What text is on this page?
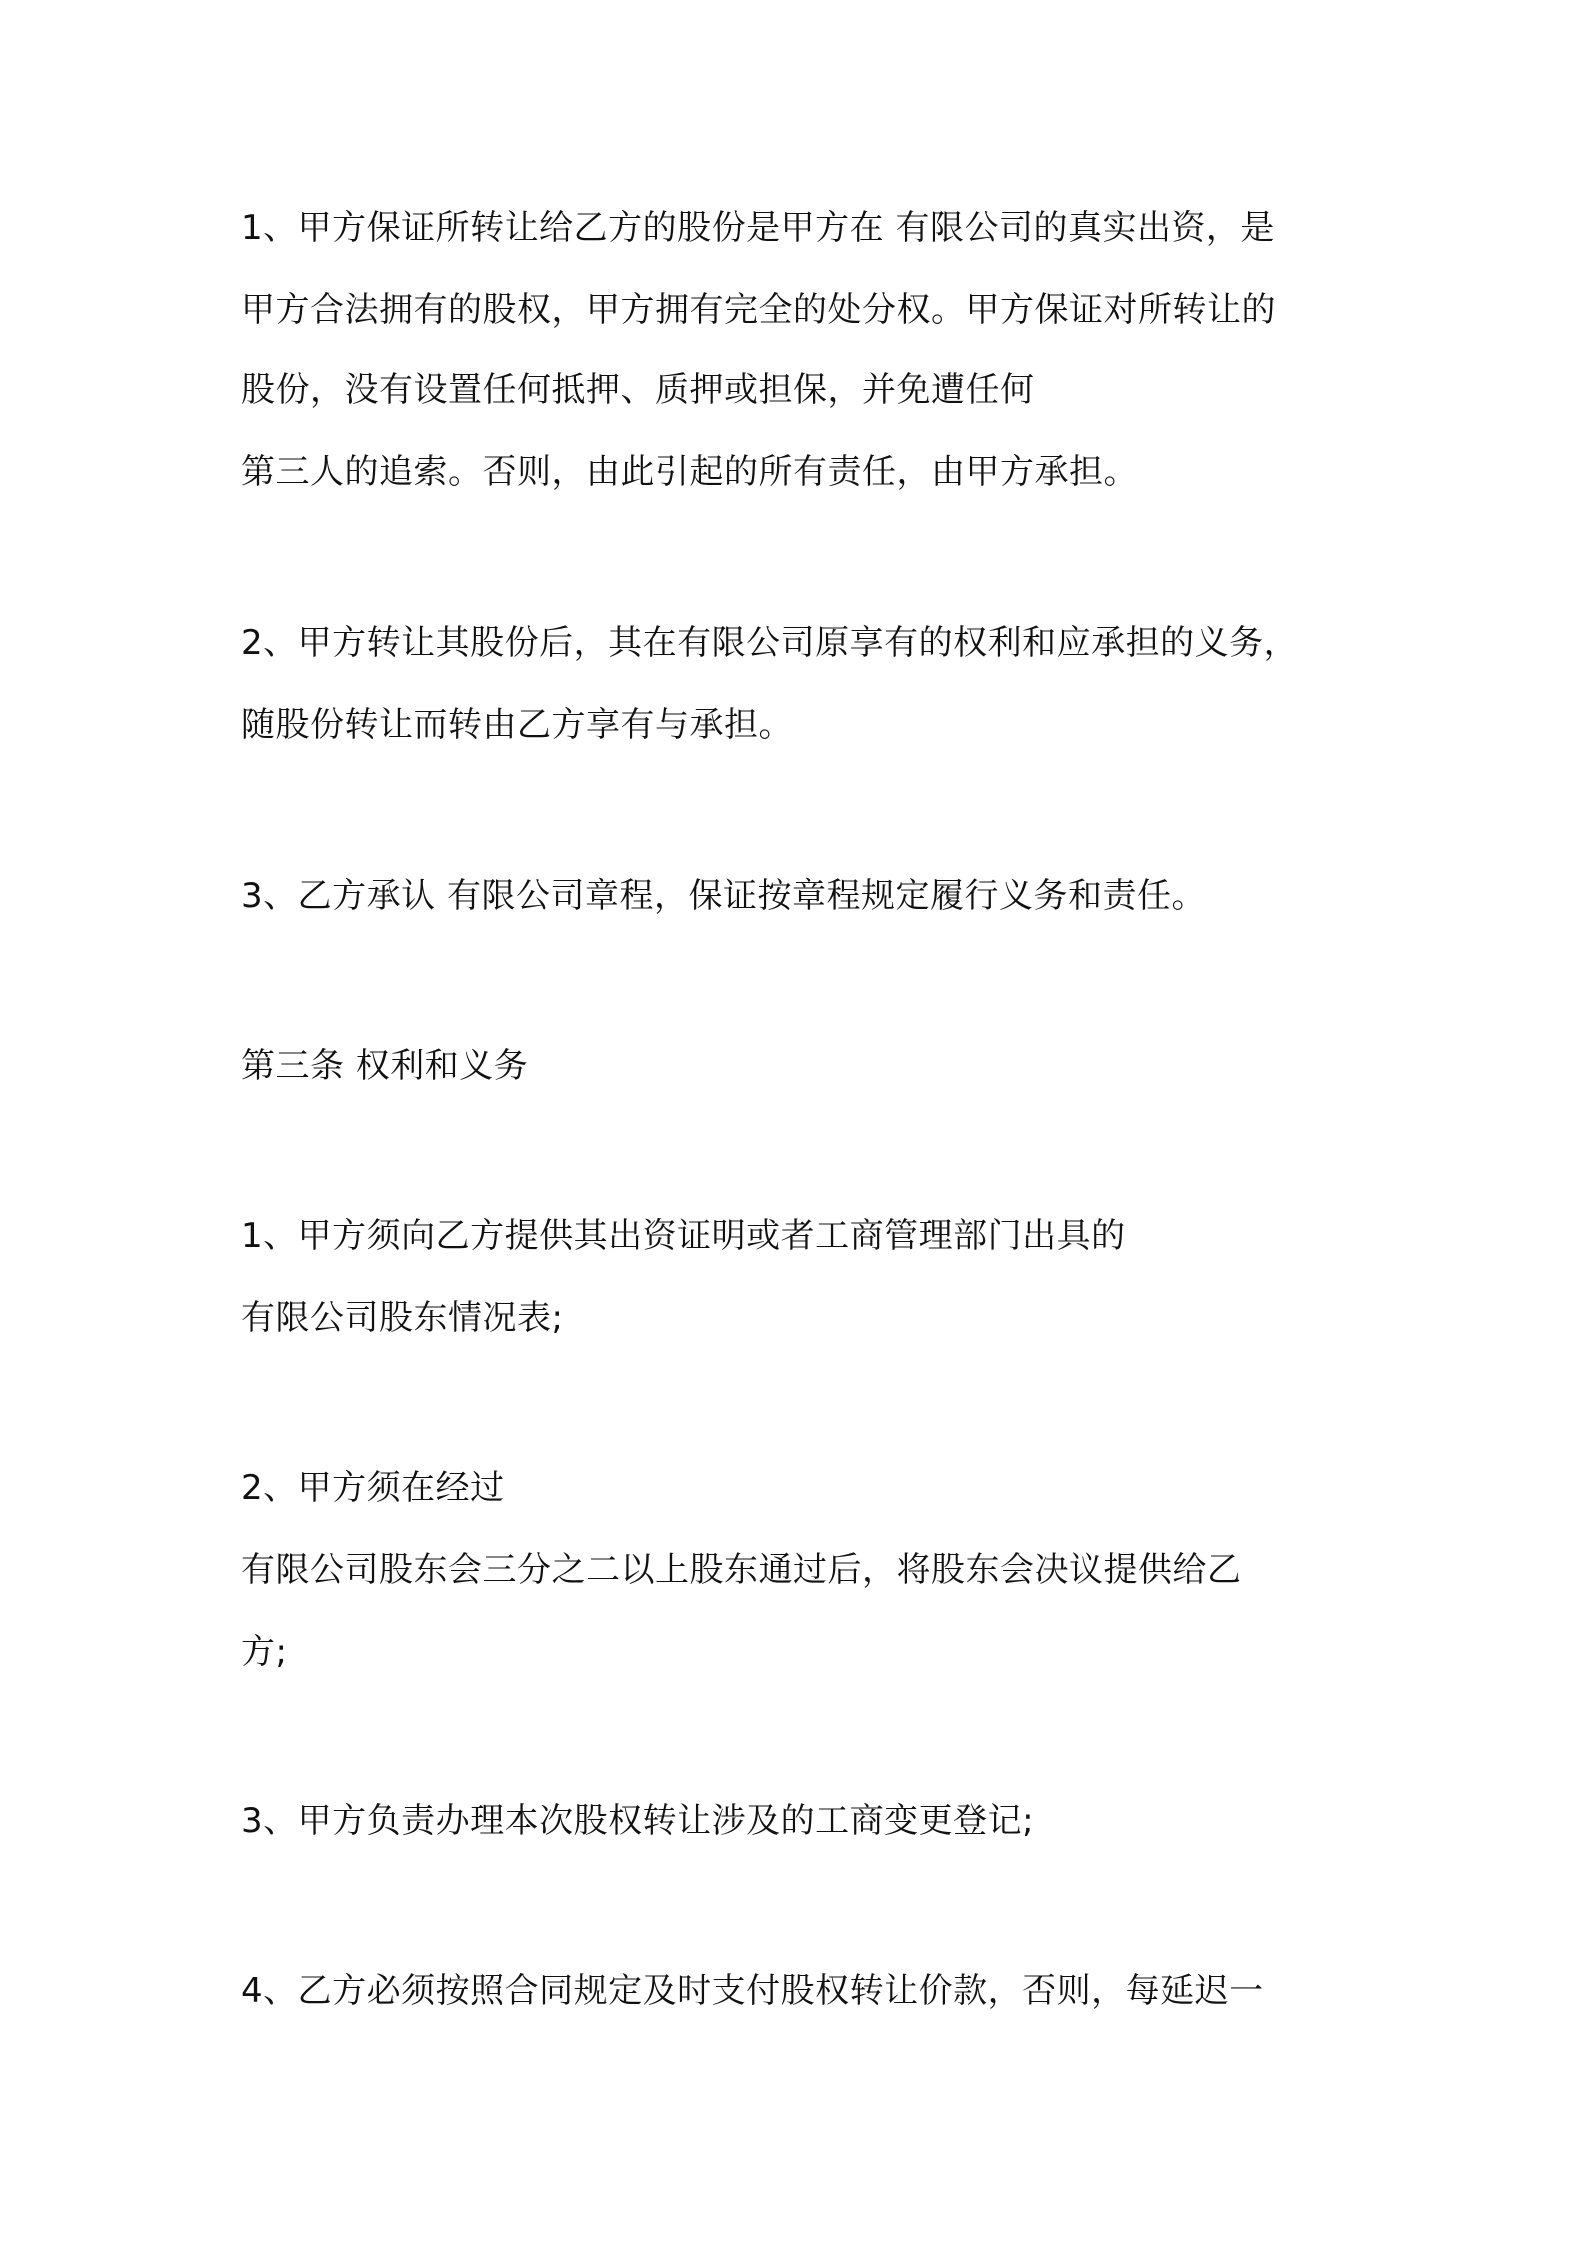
1、甲方保证所转让给乙方的股份是甲方在 有限公司的真实出资，是
甲方合法拥有的股权，甲方拥有完全的处分权。甲方保证对所转让的
股份，没有设置任何抵押、质押或担保，并免遭任何
第三人的追索。否则，由此引起的所有责任，由甲方承担。
2、甲方转让其股份后，其在有限公司原享有的权利和应承担的义务，
随股份转让而转由乙方享有与承担。
3、乙方承认 有限公司章程，保证按章程规定履行义务和责任。
第三条 权利和义务
1、甲方须向乙方提供其出资证明或者工商管理部门出具的
有限公司股东情况表;
2、甲方须在经过
有限公司股东会三分之二以上股东通过后，将股东会决议提供给乙
方;
3、甲方负责办理本次股权转让涉及的工商变更登记;
4、乙方必须按照合同规定及时支付股权转让价款，否则，每延迟一
